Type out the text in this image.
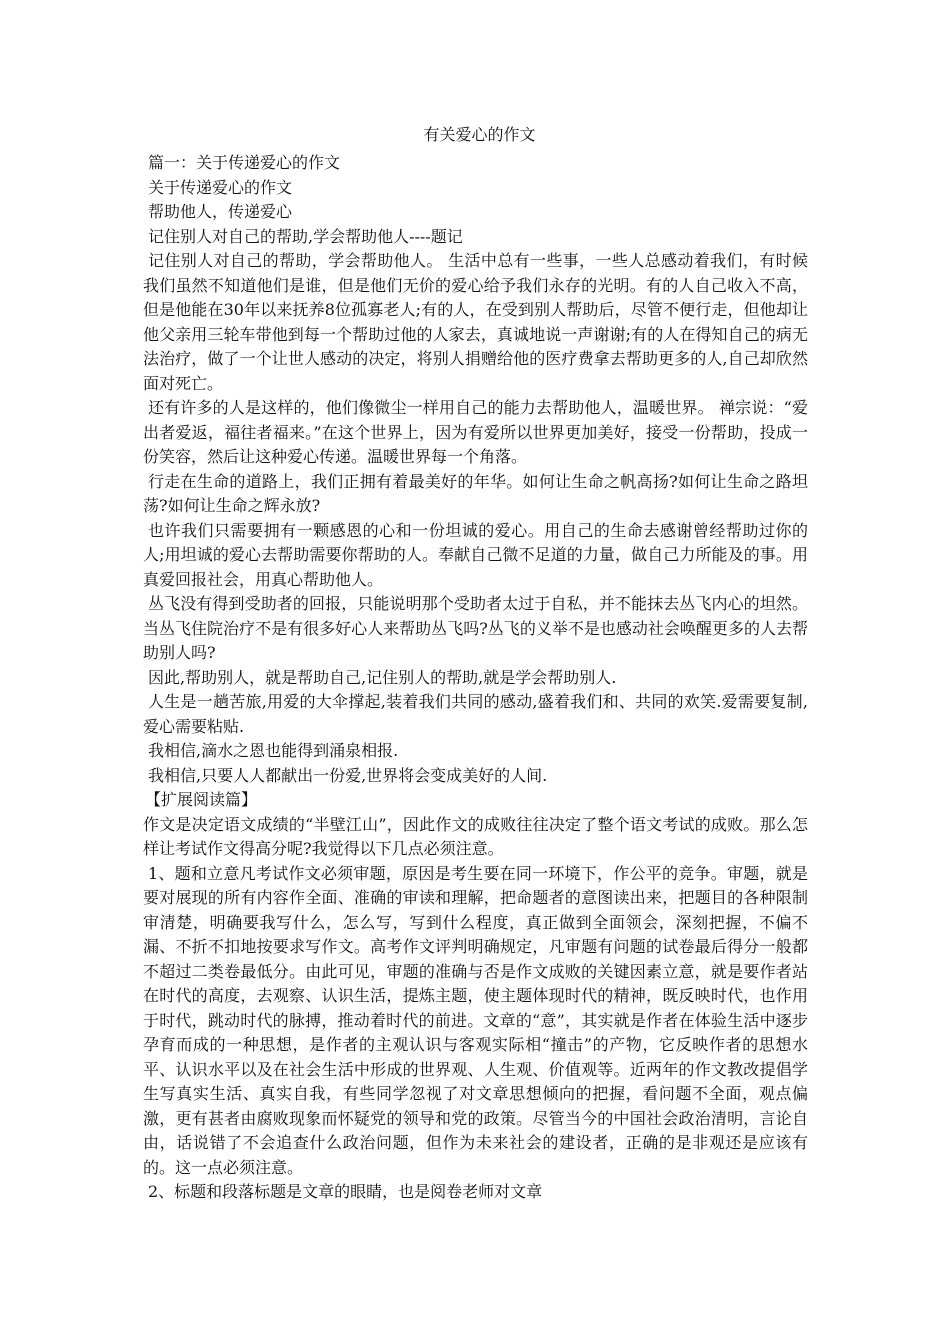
有关爱心的作文

篇一：关于传递爱心的作文

关于传递爱心的作文

帮助他人，传递爱心

记住别人对自己的帮助,学会帮助他人----题记

记住别人对自己的帮助，学会帮助他人。 生活中总有一些事，一些人总感动着我们，有时候我们虽然不知道他们是谁，但是他们无价的爱心给予我们永存的光明。有的人自己收入不高，但是他能在30年以来抚养8位孤寡老人;有的人，在受到别人帮助后，尽管不便行走，但他却让他父亲用三轮车带他到每一个帮助过他的人家去，真诚地说一声谢谢;有的人在得知自己的病无法治疗，做了一个让世人感动的决定，将别人捐赠给他的医疗费拿去帮助更多的人,自己却欣然面对死亡。

还有许多的人是这样的，他们像微尘一样用自己的能力去帮助他人，温暖世界。 禅宗说：“爱出者爱返，福往者福来。”在这个世界上，因为有爱所以世界更加美好，接受一份帮助，投成一份笑容，然后让这种爱心传递。温暖世界每一个角落。

行走在生命的道路上，我们正拥有着最美好的年华。如何让生命之帆高扬?如何让生命之路坦荡?如何让生命之辉永放?

也许我们只需要拥有一颗感恩的心和一份坦诚的爱心。用自己的生命去感谢曾经帮助过你的人;用坦诚的爱心去帮助需要你帮助的人。奉献自己微不足道的力量，做自己力所能及的事。用真爱回报社会，用真心帮助他人。

丛飞没有得到受助者的回报，只能说明那个受助者太过于自私，并不能抹去丛飞内心的坦然。当丛飞住院治疗不是有很多好心人来帮助丛飞吗?丛飞的义举不是也感动社会唤醒更多的人去帮助别人吗?

因此,帮助别人，就是帮助自己,记住别人的帮助,就是学会帮助别人.

人生是一趟苦旅,用爱的大伞撑起,装着我们共同的感动,盛着我们和、共同的欢笑.爱需要复制,爱心需要粘贴.

我相信,滴水之恩也能得到涌泉相报.

我相信,只要人人都献出一份爱,世界将会变成美好的人间.

【扩展阅读篇】

作文是决定语文成绩的“半壁江山”，因此作文的成败往往决定了整个语文考试的成败。那么怎样让考试作文得高分呢?我觉得以下几点必须注意。

1、题和立意凡考试作文必须审题，原因是考生要在同一环境下，作公平的竞争。审题，就是要对展现的所有内容作全面、准确的审读和理解，把命题者的意图读出来，把题目的各种限制审清楚，明确要我写什么，怎么写，写到什么程度，真正做到全面领会，深刻把握，不偏不漏、不折不扣地按要求写作文。高考作文评判明确规定，凡审题有问题的试卷最后得分一般都不超过二类卷最低分。由此可见，审题的准确与否是作文成败的关键因素立意，就是要作者站在时代的高度，去观察、认识生活，提炼主题，使主题体现时代的精神，既反映时代，也作用于时代，跳动时代的脉搏，推动着时代的前进。文章的“意”，其实就是作者在体验生活中逐步孕育而成的一种思想，是作者的主观认识与客观实际相“撞击”的产物，它反映作者的思想水平、认识水平以及在社会生活中形成的世界观、人生观、价值观等。近两年的作文教改提倡学生写真实生活、真实自我，有些同学忽视了对文章思想倾向的把握，看问题不全面，观点偏激，更有甚者由腐败现象而怀疑党的领导和党的政策。尽管当今的中国社会政治清明，言论自由，话说错了不会追查什么政治问题，但作为未来社会的建设者，正确的是非观还是应该有的。这一点必须注意。

2、标题和段落标题是文章的眼睛，也是阅卷老师对文章
